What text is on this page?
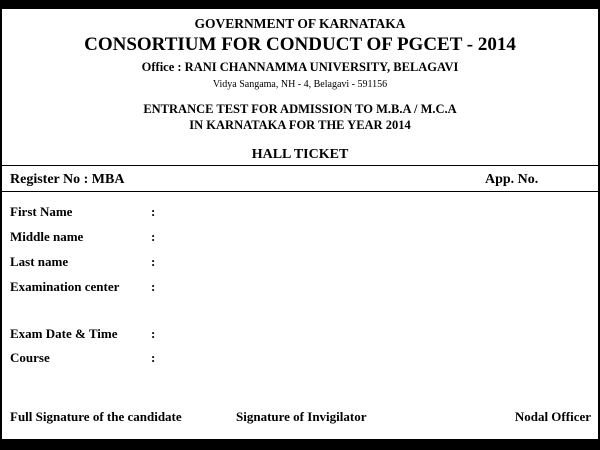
GOVERNMENT OF KARNATAKA
CONSORTIUM FOR CONDUCT OF PGCET - 2014
Office : RANI CHANNAMMA UNIVERSITY, BELAGAVI
Vidya Sangama, NH - 4, Belagavi - 591156
ENTRANCE TEST FOR ADMISSION TO M.B.A / M.C.A
IN KARNATAKA FOR THE YEAR 2014
HALL TICKET
Register No : MBA	App. No.
First Name	:
Middle name	:
Last name	:
Examination center :
Exam Date & Time	:
Course	:
Full Signature of the candidate	Signature of Invigilator	Nodal Officer
